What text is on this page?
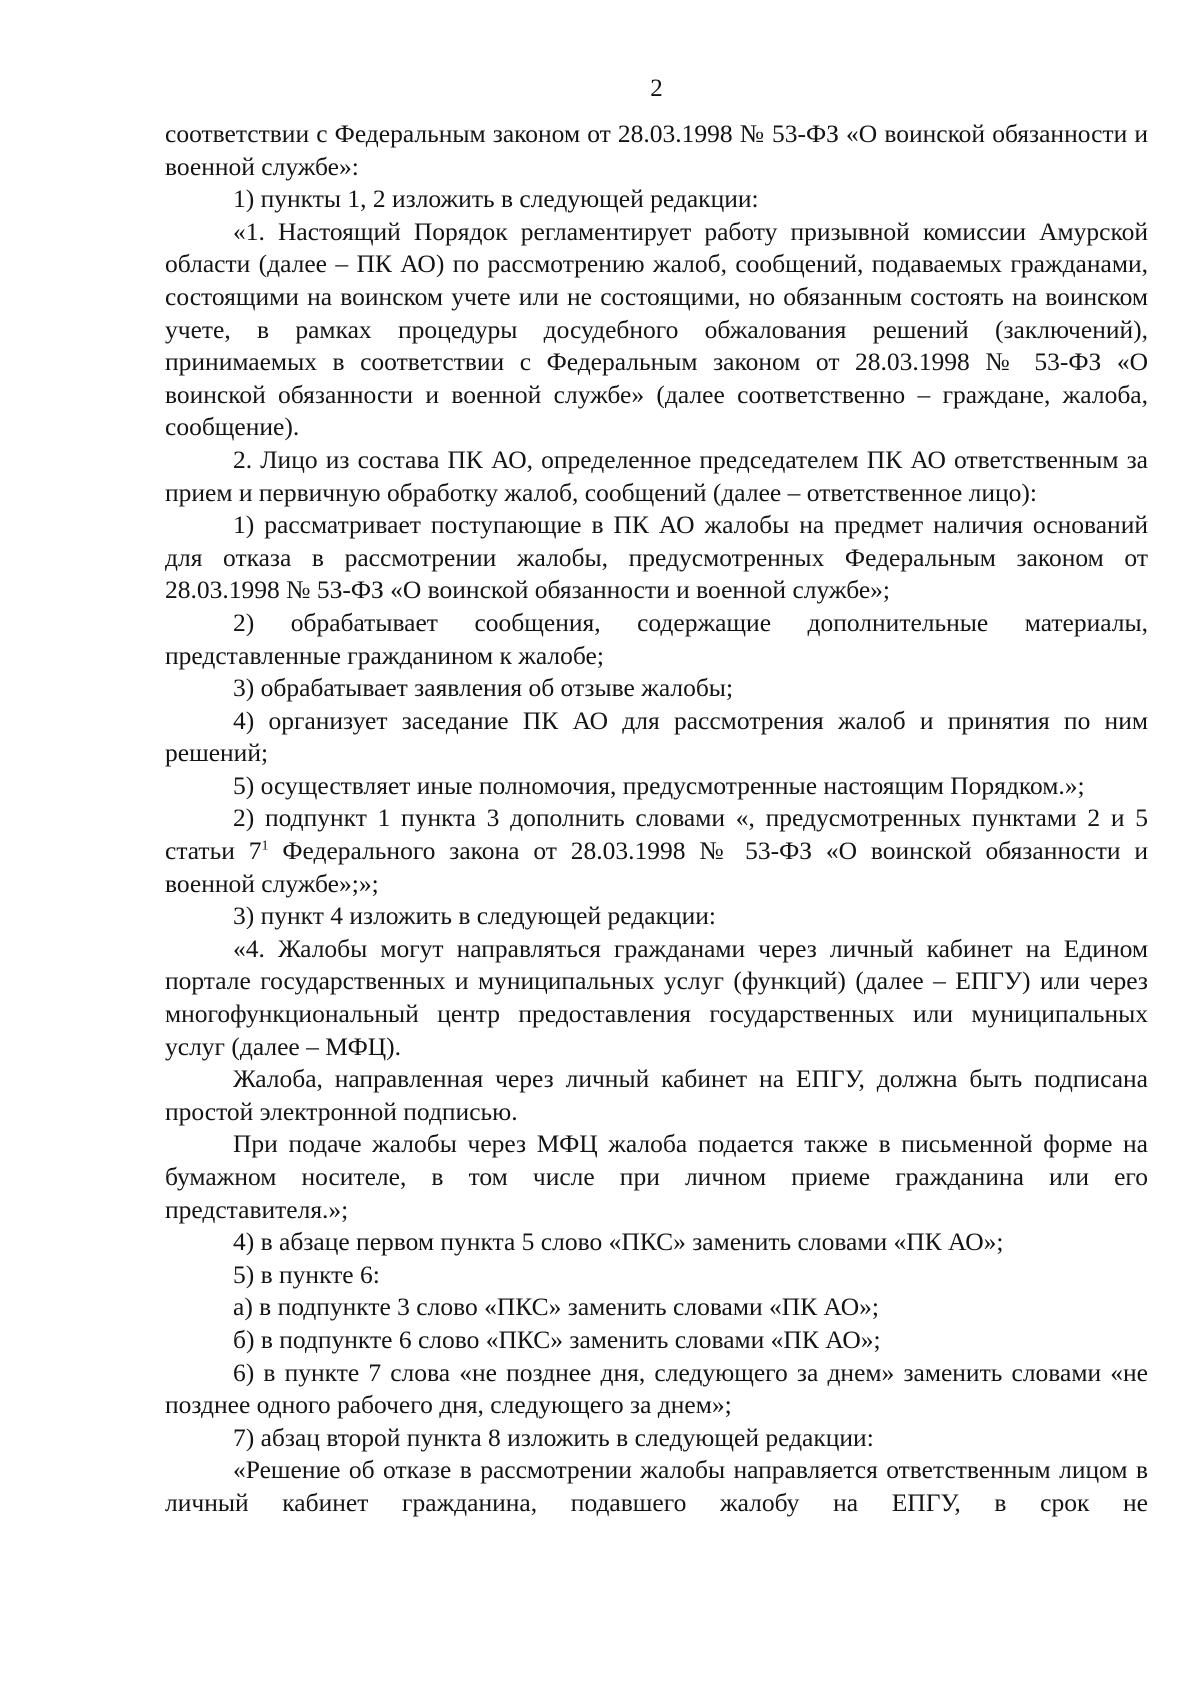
2

соответствии с Федеральным законом от 28.03.1998 № 53-ФЗ «О воинской обязанности и военной службе»:

1) пункты 1, 2 изложить в следующей редакции:

«1. Настоящий Порядок регламентирует работу призывной комиссии Амурской области (далее – ПК АО) по рассмотрению жалоб, сообщений, подаваемых гражданами, состоящими на воинском учете или не состоящими, но обязанным состоять на воинском учете, в рамках процедуры досудебного обжалования решений (заключений), принимаемых в соответствии с Федеральным законом от 28.03.1998 № 53-ФЗ «О воинской обязанности и военной службе» (далее соответственно – граждане, жалоба, сообщение).

2. Лицо из состава ПК АО, определенное председателем ПК АО ответственным за прием и первичную обработку жалоб, сообщений (далее – ответственное лицо):

1) рассматривает поступающие в ПК АО жалобы на предмет наличия оснований для отказа в рассмотрении жалобы, предусмотренных Федеральным законом от 28.03.1998 № 53-ФЗ «О воинской обязанности и военной службе»;

2) обрабатывает сообщения, содержащие дополнительные материалы, представленные гражданином к жалобе;

3) обрабатывает заявления об отзыве жалобы;

4) организует заседание ПК АО для рассмотрения жалоб и принятия по ним решений;

5) осуществляет иные полномочия, предусмотренные настоящим Порядком.»;

2) подпункт 1 пункта 3 дополнить словами «, предусмотренных пунктами 2 и 5 статьи $7^1$ Федерального закона от 28.03.1998 № 53-ФЗ «О воинской обязанности и военной службе»;»;

3) пункт 4 изложить в следующей редакции:

«4. Жалобы могут направляться гражданами через личный кабинет на Едином портале государственных и муниципальных услуг (функций) (далее – ЕПГУ) или через многофункциональный центр предоставления государственных или муниципальных услуг (далее – МФЦ).

Жалоба, направленная через личный кабинет на ЕПГУ, должна быть подписана простой электронной подписью.

При подаче жалобы через МФЦ жалоба подается также в письменной форме на бумажном носителе, в том числе при личном приеме гражданина или его представителя.»;

4) в абзаце первом пункта 5 слово «ПКС» заменить словами «ПК АО»;

5) в пункте 6:

а) в подпункте 3 слово «ПКС» заменить словами «ПК АО»;

б) в подпункте 6 слово «ПКС» заменить словами «ПК АО»;

6) в пункте 7 слова «не позднее дня, следующего за днем» заменить словами «не позднее одного рабочего дня, следующего за днем»;

7) абзац второй пункта 8 изложить в следующей редакции:

«Решение об отказе в рассмотрении жалобы направляется ответственным лицом в личный кабинет гражданина, подавшего жалобу на ЕПГУ, в срок не
